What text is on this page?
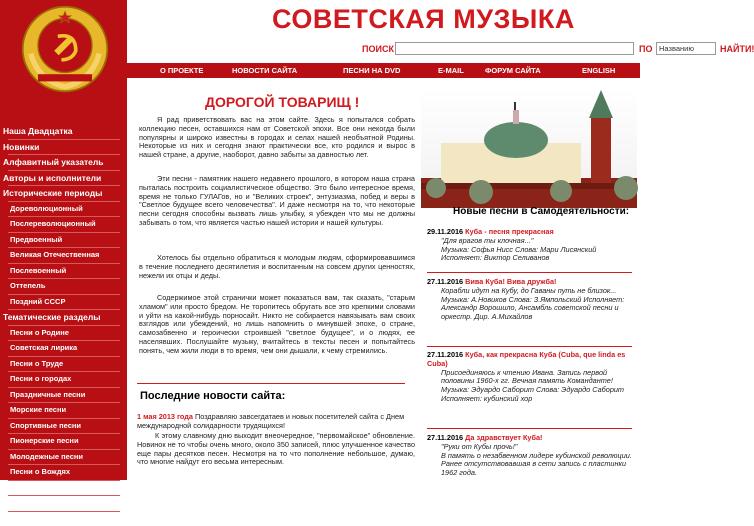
Наша Двадцатка
Новинки
Алфавитный указатель
Авторы и исполнители
Исторические периоды
Дореволюционный
Послереволюционный
Предвоенный
Великая Отечественная
Послевоенный
Оттепель
Поздний СССР
Тематические разделы
Песни о Родине
Советская лирика
Песни о Труде
Песни о городах
Праздничные песни
Морские песни
Спортивные песни
Пионерские песни
Молодежные песни
Песни о Вождях
Песни о Героях
Революционные
Интернационал
СОВЕТСКАЯ МУЗЫКА
ПОИСК	ПО Названию	НАЙТИ!
О ПРОЕКТЕ	НОВОСТИ САЙТА	ПЕСНИ НА DVD	E-MAIL	ФОРУМ САЙТА	ENGLISH
ДОРОГОЙ ТОВАРИЩ !

Я рад приветствовать вас на этом сайте. Здесь я попытался собрать коллекцию песен, оставшихся нам от Советской эпохи. Все они некогда были популярны и широко известны в городах и селах нашей необъятной Родины. Некоторые из них и сегодня знают практически все, кто родился и вырос в нашей стране, а другие, наоборот, давно забыты за давностью лет.

Эти песни - памятник нашего недавнего прошлого, в котором наша страна пыталась построить социалистическое общество. Это было интересное время, время не только ГУЛАГов, но и "Великих строек", энтузиазма, побед и веры в "Светлое будущее всего человечества". И даже несмотря на то, что некоторые песни сегодня способны вызвать лишь улыбку, я убежден что мы не должны забывать о том, что является частью нашей истории и нашей культуры.

Хотелось бы отдельно обратиться к молодым людям, сформировавшимся в течение последнего десятилетия и воспитанным на совсем других ценностях, нежели их отцы и деды.

Содержимое этой странички может показаться вам, так сказать, "старым хламом" или просто бредом. Не торопитесь обругать все это крепкими словами и уйти на какой-нибудь порносайт. Никто не собирается навязывать вам своих взглядов или убеждений, но лишь напомнить о минувшей эпохе, о стране, самозабвенно и героически строившей "светлое будущее", и о людях, ее населявших. Послушайте музыку, вчитайтесь в тексты песен и попытайтесь понять, чем жили люди в то время, чем они дышали, к чему стремились.

Последние новости сайта:
1 мая 2013 года Поздравляю завсегдатаев и новых посетителей сайта с Днем международной солидарности трудящихся!
К этому славному дню выходит внеочередное, "первомайское" обновление. Новинок не то чтобы очень много, около 350 записей, плюс улучшенное качество еще пары десятков песен. Несмотря на то что пополнение небольшое, думаю, что многие найдут его весьма интересным.
Новые песни в Самодеятельности:
29.11.2016 Куба - песня прекрасная
"Для врагов ты клочная..."
Музыка: Софья Нисс Слова: Мари Лисянский Исполняет: Виктор Селиванов
27.11.2016 Вива Куба! Вива дружба!
Корабли идут на Кубу, до Гаваны путь не близок...
Музыка: А.Новиков Слова: З.Ямпольский Исполняет: Александр Ворошило, Ансамбль советской песни и оркестр. Дир. А.Михайлов
27.11.2016 Куба, как прекрасна Куба (Cuba, que linda es Cuba)
Присоединяюсь к чтению Ивана. Запись первой половины 1960-х гг. Вечная память Команданте!
Музыка: Эдуардо Саборит Слова: Эдуардо Саборит Исполняет: кубинский хор
27.11.2016 Да здравствует Куба!
"Руки от Кубы прочь!"
В память о незабвенном лидере кубинской революции. Ранее отсутствовавшая в сети запись с пластинки 1962 года.
